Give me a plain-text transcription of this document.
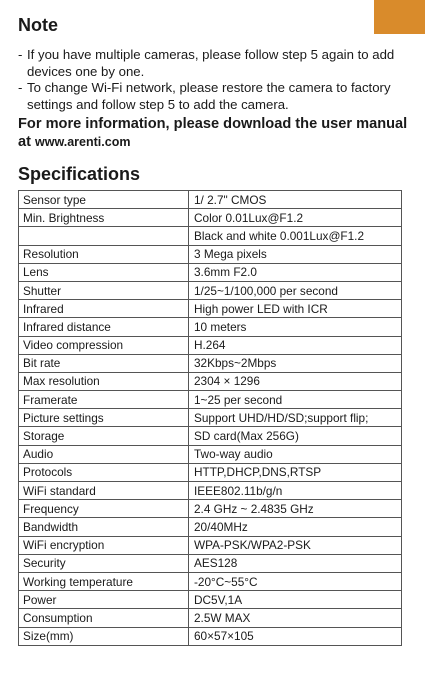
Note
- If you have multiple cameras, please follow step 5 again to add devices one by one.
- To change Wi-Fi network, please restore the camera to factory settings and follow step 5 to add the camera.
For more information, please download the user manual at www.arenti.com
Specifications
Sensor type	1/ 2.7" CMOS
Min. Brightness	Color 0.01Lux@F1.2
	Black and white 0.001Lux@F1.2
Resolution	3 Mega pixels
Lens	3.6mm F2.0
Shutter	1/25~1/100,000 per second
Infrared	High power LED with ICR
Infrared distance	10 meters
Video compression	H.264
Bit rate	32Kbps~2Mbps
Max resolution	2304 × 1296
Framerate	1~25 per second
Picture settings	Support UHD/HD/SD;support flip;
Storage	SD card(Max 256G)
Audio	Two-way audio
Protocols	HTTP,DHCP,DNS,RTSP
WiFi standard	IEEE802.11b/g/n
Frequency	2.4 GHz ~ 2.4835 GHz
Bandwidth	20/40MHz
WiFi encryption	WPA-PSK/WPA2-PSK
Security	AES128
Working temperature	-20°C~55°C
Power	DC5V,1A
Consumption	2.5W MAX
Size(mm)	60×57×105
